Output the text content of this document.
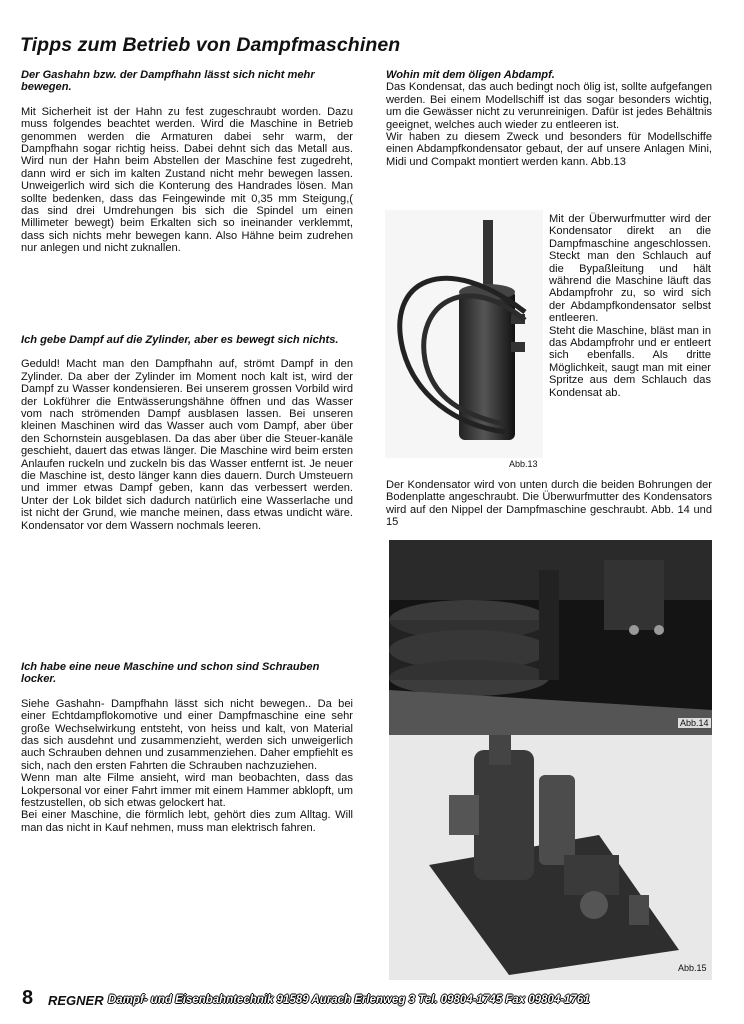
Tipps zum Betrieb von Dampfmaschinen
Der Gashahn bzw. der Dampfhahn lässt sich nicht mehr bewegen.
Mit Sicherheit ist der Hahn zu fest zugeschraubt worden. Dazu muss folgendes beachtet werden. Wird die Maschine in Betrieb genommen werden die Armaturen dabei sehr warm, der Dampfhahn sogar richtig heiss. Dabei dehnt sich das Metall aus. Wird nun der Hahn beim Abstellen der Maschine fest zugedreht, dann wird er sich im kalten Zustand nicht mehr bewegen lassen. Unweigerlich wird sich die Konterung des Handrades lösen. Man sollte bedenken, dass das Feingewinde mit 0,35 mm Steigung,( das sind drei Umdrehungen bis sich die Spindel um einen Millimeter bewegt) beim Erkalten sich so ineinander verklemmt, dass sich nichts mehr bewegen kann. Also Hähne beim zudrehen nur anlegen und nicht zuknallen.
Ich gebe Dampf auf die Zylinder, aber es bewegt sich nichts.
Geduld! Macht man den Dampfhahn auf, strömt Dampf in den Zylinder. Da aber der Zylinder im Moment noch kalt ist, wird der Dampf zu Wasser kondensieren. Bei unserem grossen Vorbild wird der Lokführer die Entwässerungshähne öffnen und das Wasser vom nach strömenden Dampf ausblasen lassen. Bei unseren kleinen Maschinen wird das Wasser auch vom Dampf, aber über den Schornstein ausgeblasen. Da das aber über die Steuer-kanäle geschieht, dauert das etwas länger. Die Maschine wird beim ersten Anlaufen ruckeln und zuckeln bis das Wasser entfernt ist. Je neuer die Maschine ist, desto länger kann dies dauern. Durch Umsteuern und immer etwas Dampf geben, kann das verbessert werden. Unter der Lok bildet sich dadurch natürlich eine Wasserlache und ist nicht der Grund, wie manche meinen, dass etwas undicht wäre. Kondensator vor dem Wassern nochmals leeren.
Ich habe eine neue Maschine und schon sind Schrauben locker.
Siehe Gashahn- Dampfhahn lässt sich nicht bewegen.. Da bei einer Echtdampflokomotive und einer Dampfmaschine eine sehr große Wechselwirkung entsteht, von heiss und kalt, von Material das sich ausdehnt und zusammenzieht, werden sich unweigerlich auch Schrauben dehnen und zusammenziehen. Daher empfiehlt es sich, nach den ersten Fahrten die Schrauben nachzuziehen.
Wenn man alte Filme ansieht, wird man beobachten, dass das Lokpersonal vor einer Fahrt immer mit einem Hammer abklopft, um festzustellen, ob sich etwas gelockert hat.
Bei einer Maschine, die förmlich lebt, gehört dies zum Alltag. Will man das nicht in Kauf nehmen, muss man elektrisch fahren.
Wohin mit dem öligen Abdampf.
Das Kondensat, das auch bedingt noch ölig ist, sollte aufgefangen werden. Bei einem Modellschiff ist das sogar besonders wichtig, um die Gewässer nicht zu verunreinigen. Dafür ist jedes Behältnis geeignet, welches auch wieder zu entleeren ist.
Wir haben zu diesem Zweck und besonders für Modellschiffe einen Abdampfkondensator gebaut, der auf unsere Anlagen Mini, Midi und Compakt montiert werden kann. Abb.13
Abb.13
Mit der Überwurfmutter wird der Kondensator direkt an die Dampfmaschine angeschlossen. Steckt man den Schlauch auf die Bypaßleitung und hält während die Maschine läuft das Abdampfrohr zu, so wird sich der Abdampfkondensator selbst entleeren.
Steht die Maschine, bläst man in das Abdampfrohr und er entleert sich ebenfalls. Als dritte Möglichkeit, saugt man mit einer Spritze aus dem Schlauch das Kondensat ab.
Der Kondensator wird von unten durch die beiden Bohrungen der Bodenplatte angeschraubt. Die Überwurfmutter des Kondensators wird auf den Nippel der Dampfmaschine geschraubt. Abb. 14 und 15
Abb.14
Abb.15
8 REGNER Dampf- und Eisenbahntechnik 91589 Aurach Erlenweg 3 Tel. 09804-1745 Fax 09804-1761
